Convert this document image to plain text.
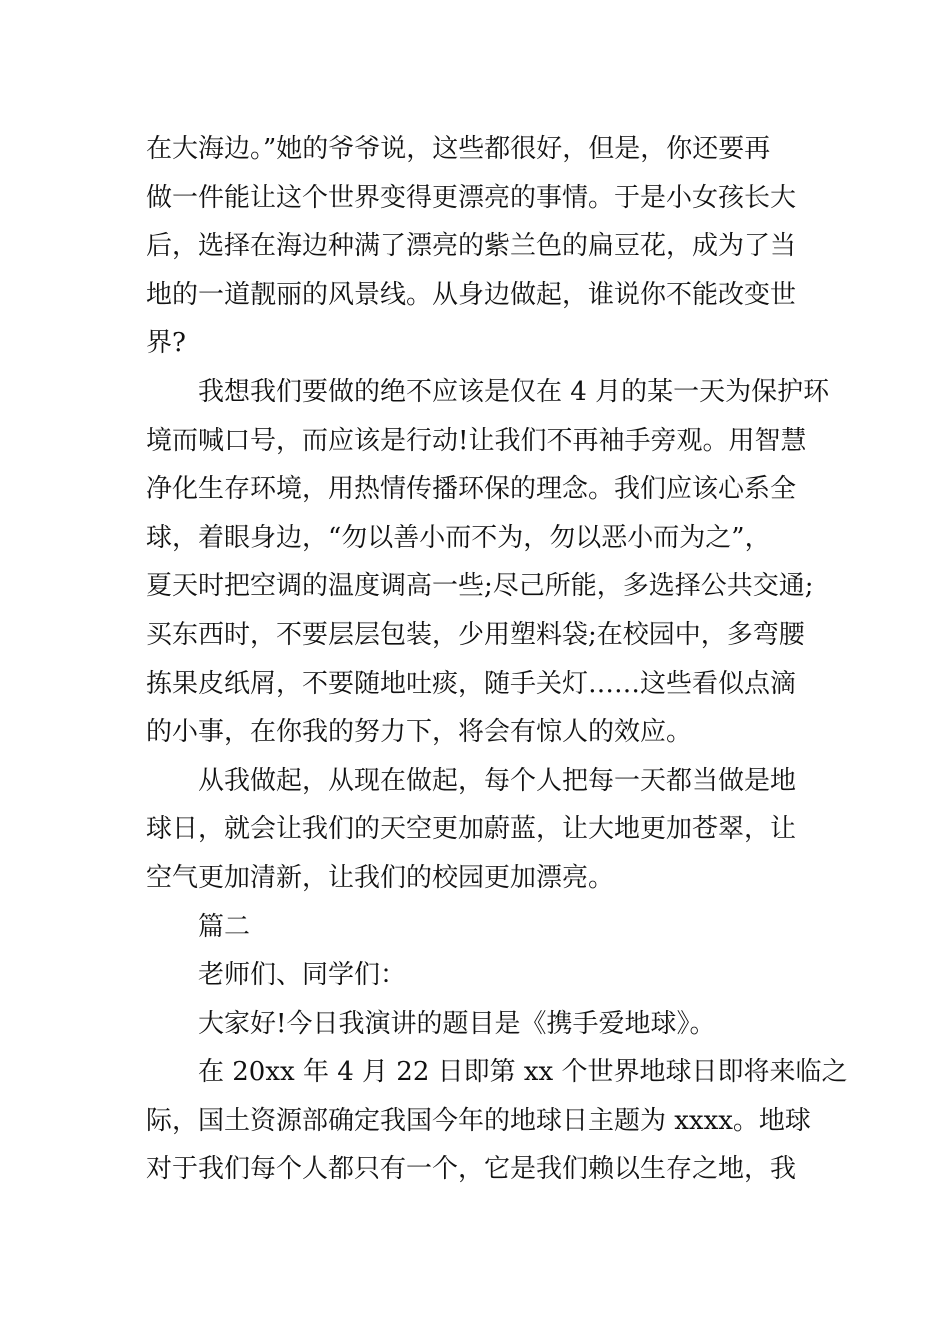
在大海边。”她的爷爷说，这些都很好，但是，你还要再
做一件能让这个世界变得更漂亮的事情。于是小女孩长大
后，选择在海边种满了漂亮的紫兰色的扁豆花，成为了当
地的一道靓丽的风景线。从身边做起，谁说你不能改变世
界?
我想我们要做的绝不应该是仅在 4 月的某一天为保护环
境而喊口号，而应该是行动!让我们不再袖手旁观。用智慧
净化生存环境，用热情传播环保的理念。我们应该心系全
球，着眼身边，“勿以善小而不为，勿以恶小而为之”，
夏天时把空调的温度调高一些;尽己所能，多选择公共交通;
买东西时，不要层层包装，少用塑料袋;在校园中，多弯腰
拣果皮纸屑，不要随地吐痰，随手关灯……这些看似点滴
的小事，在你我的努力下，将会有惊人的效应。
从我做起，从现在做起，每个人把每一天都当做是地
球日，就会让我们的天空更加蔚蓝，让大地更加苍翠，让
空气更加清新，让我们的校园更加漂亮。
篇二
老师们、同学们：
大家好!今日我演讲的题目是《携手爱地球》。
在 20xx 年 4 月 22 日即第 xx 个世界地球日即将来临之
际，国土资源部确定我国今年的地球日主题为 xxxx。地球
对于我们每个人都只有一个，它是我们赖以生存之地，我
